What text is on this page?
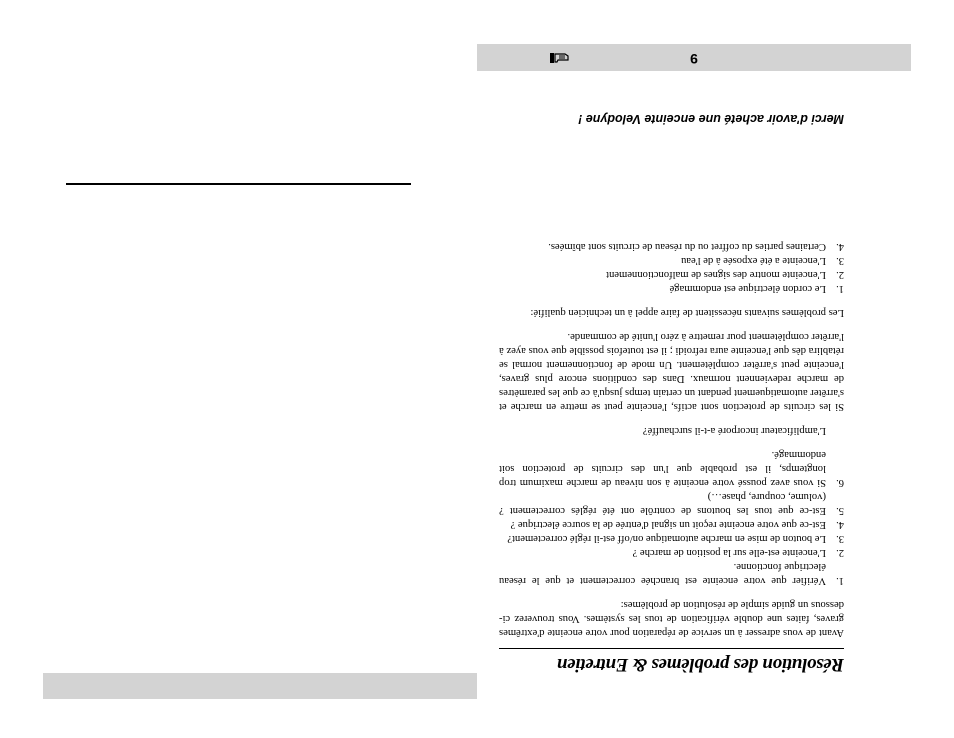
Résolution des problèmes & Entretien

Avant de vous adresser à un service de réparation pour votre enceinte d'extrêmes graves, faites une double vérification de tous les systèmes. Vous trouverez ci-dessous un guide simple de résolution de problèmes:

1.
Vérifier que votre enceinte est branchée correctement et que le réseau électrique fonctionne.
2.
L'enceinte est-elle sur la position de marche ?
3.
Le bouton de mise en marche automatique on/off est-il réglé correctement?
4.
Est-ce que votre enceinte reçoit un signal d'entrée de la source électrique ?
5.
Est-ce que tous les boutons de contrôle ont été réglés correctement ? (volume, coupure, phase…)
6.
Si vous avez poussé votre enceinte à son niveau de marche maximum trop longtemps, il est probable que l'un des circuits de protection soit endommagé.

L'amplificateur incorporé a-t-il surchauffé?

Si les circuits de protection sont actifs, l'enceinte peut se mettre en marche et s'arrêter automatiquement pendant un certain temps jusqu'à ce que les paramètres de marche redeviennent normaux. Dans des conditions encore plus graves, l'enceinte peut s'arrêter complètement. Un mode de fonctionnement normal se rétablira dès que l'enceinte aura refroidi ; il est toutefois possible que vous ayez à l'arrêter complètement pour remettre à zéro l'unité de commande.

Les problèmes suivants nécessitent de faire appel à un technicien qualifié:

1.
Le cordon électrique est endommagé
2.
L'enceinte montre des signes de malfonctionnement
3.
L'enceinte a été exposée à de l'eau
4.
Certaines parties du coffret ou du réseau de circuits sont abîmées.
Merci d'avoir acheté une enceinte Velodyne !
9
